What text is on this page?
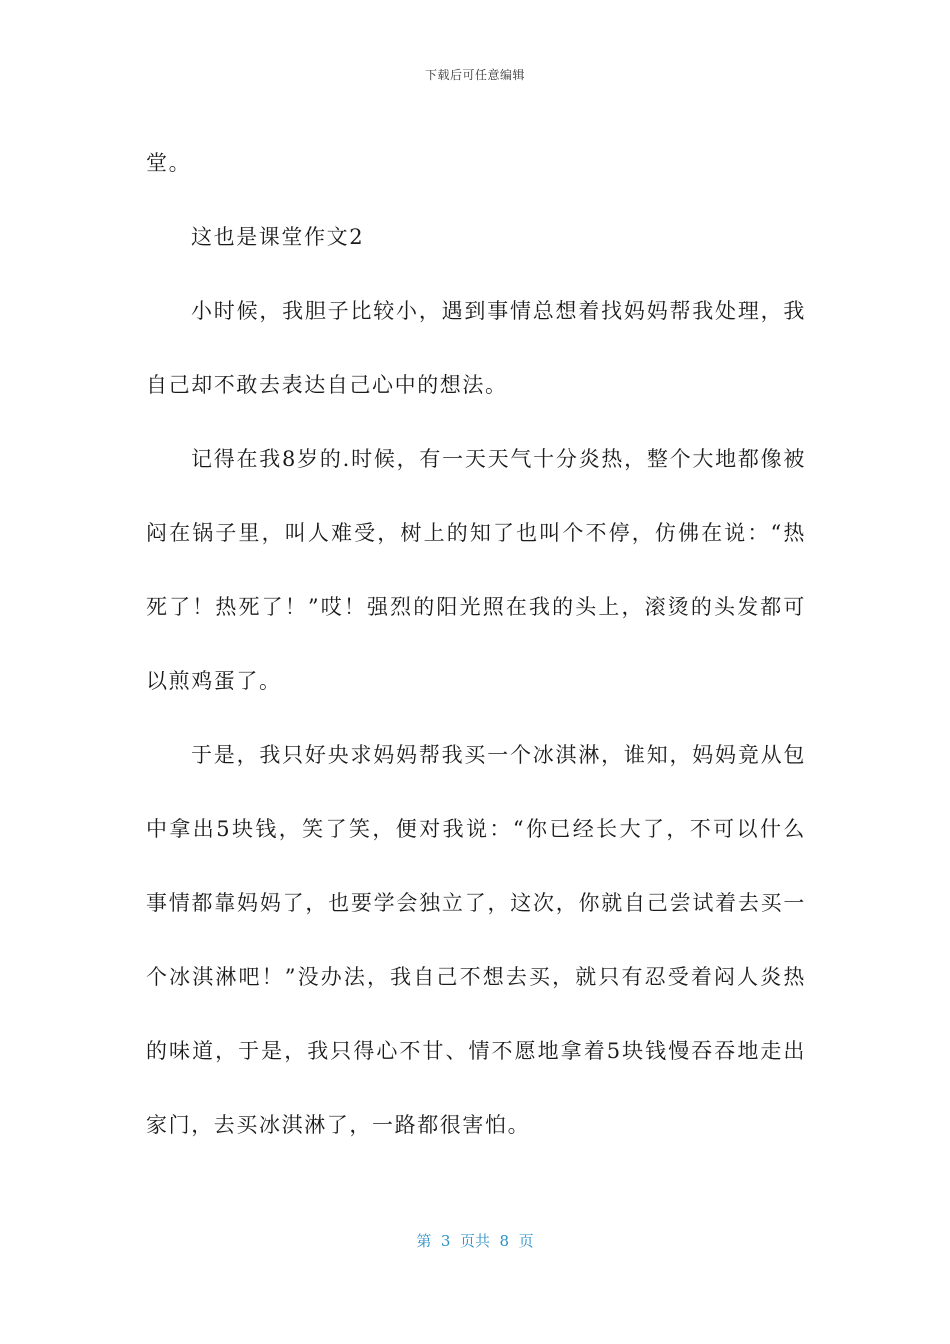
下载后可任意编辑

堂。

这也是课堂作文2

小时候，我胆子比较小，遇到事情总想着找妈妈帮我处理，我自己却不敢去表达自己心中的想法。

记得在我8岁的.时候，有一天天气十分炎热，整个大地都像被闷在锅子里，叫人难受，树上的知了也叫个不停，仿佛在说：“热死了！热死了！”哎！强烈的阳光照在我的头上，滚烫的头发都可以煎鸡蛋了。

于是，我只好央求妈妈帮我买一个冰淇淋，谁知，妈妈竟从包中拿出5块钱，笑了笑，便对我说：“你已经长大了，不可以什么事情都靠妈妈了，也要学会独立了，这次，你就自己尝试着去买一个冰淇淋吧！”没办法，我自己不想去买，就只有忍受着闷人炎热的味道，于是，我只得心不甘、情不愿地拿着5块钱慢吞吞地走出家门，去买冰淇淋了，一路都很害怕。

第  3  页共  8  页
